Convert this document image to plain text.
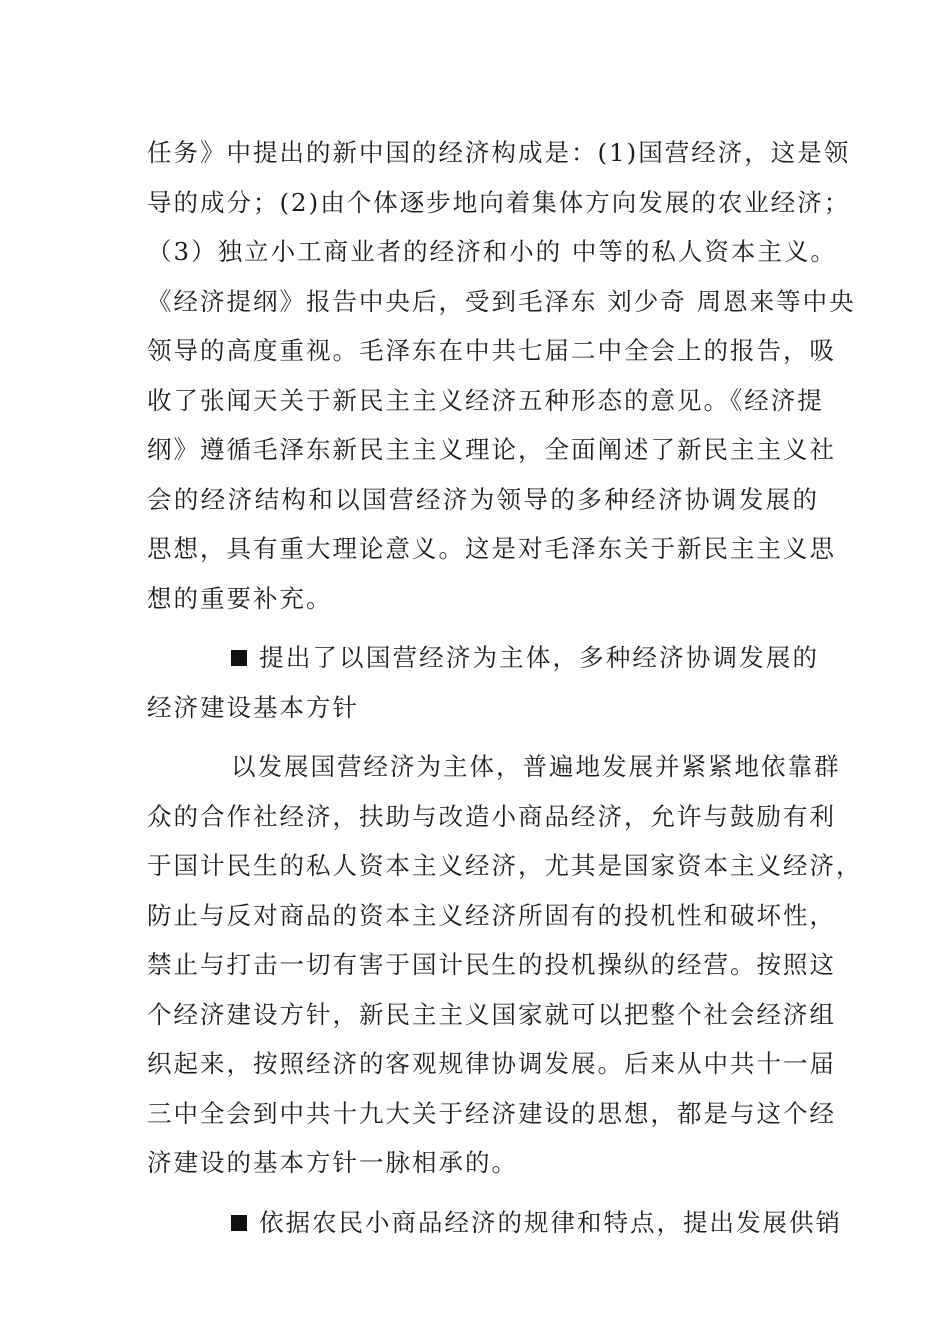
任务》中提出的新中国的经济构成是：(1)国营经济，这是领
导的成分；(2)由个体逐步地向着集体方向发展的农业经济；
（3）独立小工商业者的经济和小的 中等的私人资本主义。
《经济提纲》报告中央后，受到毛泽东 刘少奇 周恩来等中央
领导的高度重视。毛泽东在中共七届二中全会上的报告，吸
收了张闻天关于新民主主义经济五种形态的意见。《经济提
纲》遵循毛泽东新民主主义理论，全面阐述了新民主主义社
会的经济结构和以国营经济为领导的多种经济协调发展的
思想，具有重大理论意义。这是对毛泽东关于新民主主义思
想的重要补充。
提出了以国营经济为主体，多种经济协调发展的
经济建设基本方针
以发展国营经济为主体，普遍地发展并紧紧地依靠群
众的合作社经济，扶助与改造小商品经济，允许与鼓励有利
于国计民生的私人资本主义经济，尤其是国家资本主义经济，
防止与反对商品的资本主义经济所固有的投机性和破坏性，
禁止与打击一切有害于国计民生的投机操纵的经营。按照这
个经济建设方针，新民主主义国家就可以把整个社会经济组
织起来，按照经济的客观规律协调发展。后来从中共十一届
三中全会到中共十九大关于经济建设的思想，都是与这个经
济建设的基本方针一脉相承的。
依据农民小商品经济的规律和特点，提出发展供销
